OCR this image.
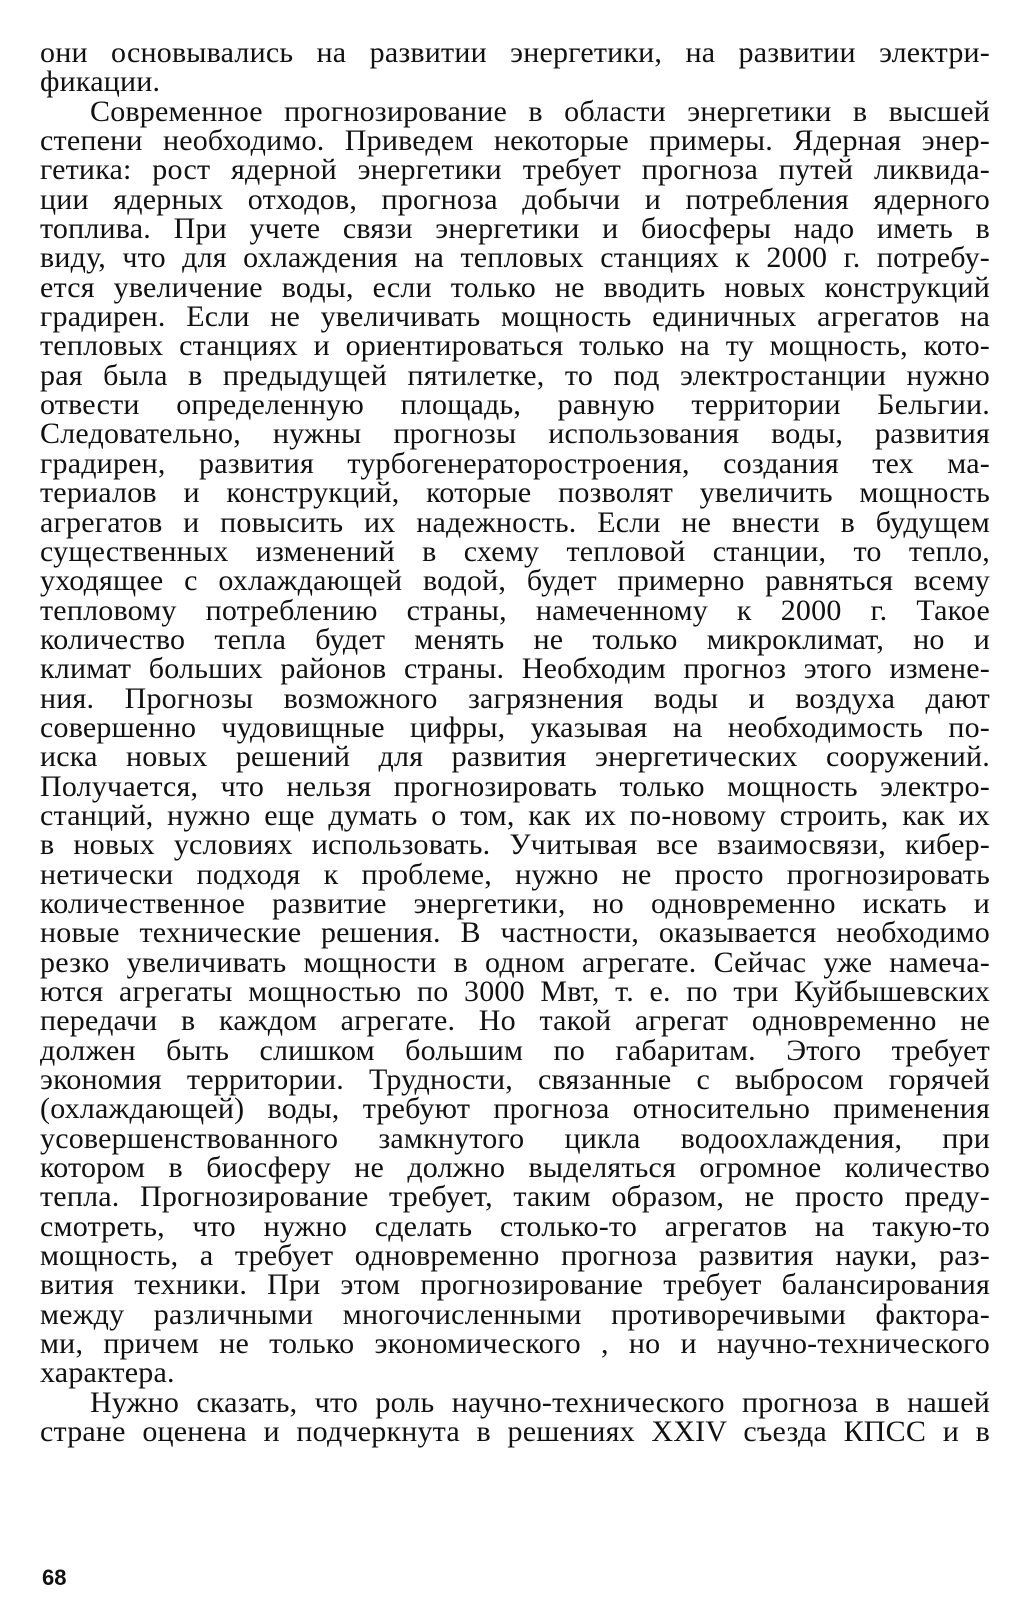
они основывались на развитии энергетики, на развитии электри-
фикации.
Современное прогнозирование в области энергетики в высшей
степени необходимо. Приведем некоторые примеры. Ядерная энер-
гетика: рост ядерной энергетики требует прогноза путей ликвида-
ции ядерных отходов, прогноза добычи и потребления ядерного
топлива. При учете связи энергетики и биосферы надо иметь в
виду, что для охлаждения на тепловых станциях к 2000 г. потребу-
ется увеличение воды, если только не вводить новых конструкций
градирен. Если не увеличивать мощность единичных агрегатов на
тепловых станциях и ориентироваться только на ту мощность, кото-
рая была в предыдущей пятилетке, то под электростанции нужно
отвести определенную площадь, равную территории Бельгии.
Следовательно, нужны прогнозы использования воды, развития
градирен, развития турбогенераторостроения, создания тех ма-
териалов и конструкций, которые позволят увеличить мощность
агрегатов и повысить их надежность. Если не внести в будущем
существенных изменений в схему тепловой станции, то тепло,
уходящее с охлаждающей водой, будет примерно равняться всему
тепловому потреблению страны, намеченному к 2000 г. Такое
количество тепла будет менять не только микроклимат, но и
климат больших районов страны. Необходим прогноз этого измене-
ния. Прогнозы возможного загрязнения воды и воздуха дают
совершенно чудовищные цифры, указывая на необходимость по-
иска новых решений для развития энергетических сооружений.
Получается, что нельзя прогнозировать только мощность электро-
станций, нужно еще думать о том, как их по-новому строить, как их
в новых условиях использовать. Учитывая все взаимосвязи, кибер-
нетически подходя к проблеме, нужно не просто прогнозировать
количественное развитие энергетики, но одновременно искать и
новые технические решения. В частности, оказывается необходимо
резко увеличивать мощности в одном агрегате. Сейчас уже намеча-
ются агрегаты мощностью по 3000 Мвт, т. е. по три Куйбышевских
передачи в каждом агрегате. Но такой агрегат одновременно не
должен быть слишком большим по габаритам. Этого требует
экономия территории. Трудности, связанные с выбросом горячей
(охлаждающей) воды, требуют прогноза относительно применения
усовершенствованного замкнутого цикла водоохлаждения, при
котором в биосферу не должно выделяться огромное количество
тепла. Прогнозирование требует, таким образом, не просто преду-
смотреть, что нужно сделать столько-то агрегатов на такую-то
мощность, а требует одновременно прогноза развития науки, раз-
вития техники. При этом прогнозирование требует балансирования
между различными многочисленными противоречивыми фактора-
ми, причем не только экономического , но и научно-технического
характера.
Нужно сказать, что роль научно-технического прогноза в нашей
стране оценена и подчеркнута в решениях XXIV съезда КПСС и в
68
